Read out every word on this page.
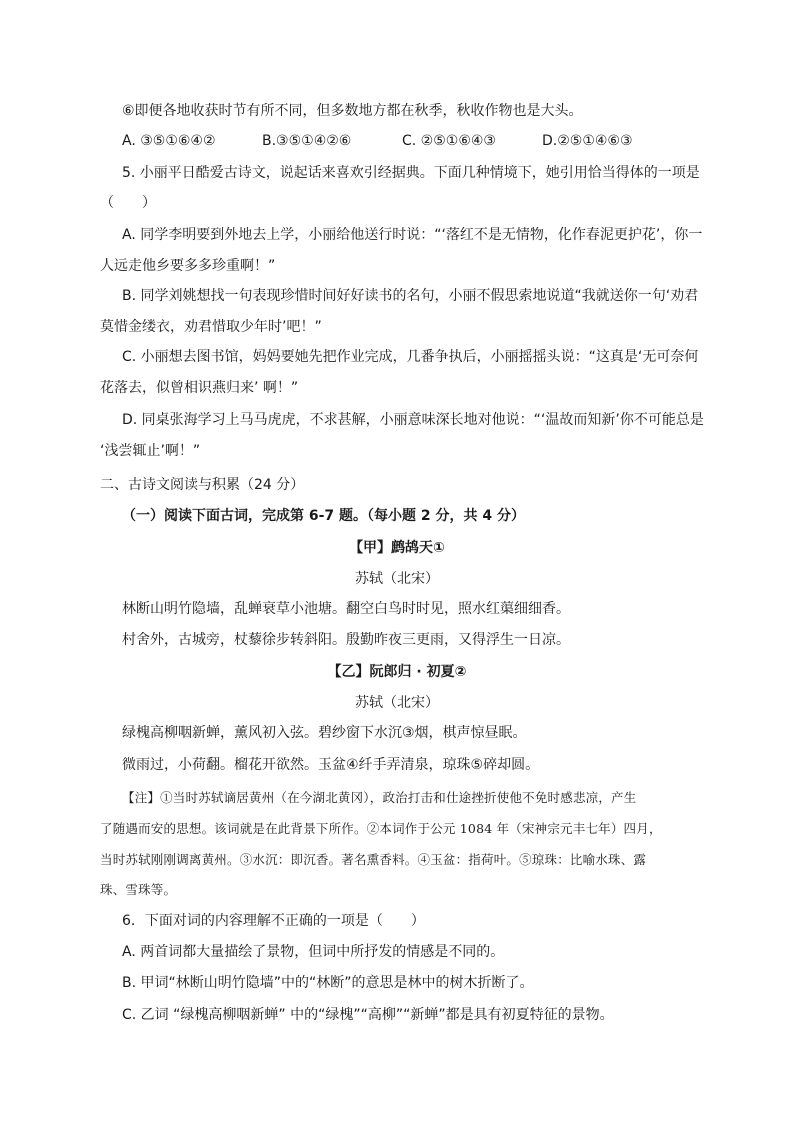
⑥即便各地收获时节有所不同，但多数地方都在秋季，秋收作物也是大头。
A. ③⑤①⑥④②	B.③⑤①④②⑥	C. ②⑤①⑥④③	D.②⑤①④⑥③
5. 小丽平日酷爱古诗文，说起话来喜欢引经据典。下面几种情境下，她引用恰当得体的一项是
（　　）
A. 同学李明要到外地去上学，小丽给他送行时说：“‘落红不是无情物，化作春泥更护花’，你一
人远走他乡要多多珍重啊！”
B. 同学刘姚想找一句表现珍惜时间好好读书的名句，小丽不假思索地说道“我就送你一句‘劝君
莫惜金缕衣，劝君惜取少年时’吧！”
C. 小丽想去图书馆，妈妈要她先把作业完成，几番争执后，小丽摇摇头说：“这真是‘无可奈何
花落去，似曾相识燕归来’ 啊！”
D. 同桌张海学习上马马虎虎，不求甚解，小丽意味深长地对他说：“‘温故而知新’你不可能总是
‘浅尝辄止’啊！”
二、古诗文阅读与积累（24 分）
（一）阅读下面古词，完成第 6-7 题。（每小题 2 分，共 4 分）
【甲】鹧鸪天①
苏轼（北宋）
林断山明竹隐墙，乱蝉衰草小池塘。翻空白鸟时时见，照水红蕖细细香。
村舍外，古城旁，杖藜徐步转斜阳。殷勤昨夜三更雨，又得浮生一日凉。
【乙】阮郎归 · 初夏②
苏轼（北宋）
绿槐高柳咽新蝉，薰风初入弦。碧纱窗下水沉③烟，棋声惊昼眠。
微雨过，小荷翻。榴花开欲然。玉盆④纤手弄清泉，琼珠⑤碎却圆。
【注】①当时苏轼谪居黄州（在今湖北黄冈），政治打击和仕途挫折使他不免时感悲凉，产生
了随遇而安的思想。该词就是在此背景下所作。②本词作于公元 1084 年（宋神宗元丰七年）四月，
当时苏轼刚刚调离黄州。③水沉：即沉香。著名熏香料。④玉盆：指荷叶。⑤琼珠：比喻水珠、露
珠、雪珠等。
6．下面对词的内容理解不正确的一项是（　　）
A. 两首词都大量描绘了景物，但词中所抒发的情感是不同的。
B. 甲词“林断山明竹隐墙”中的“林断”的意思是林中的树木折断了。
C. 乙词 “绿槐高柳咽新蝉” 中的“绿槐”“高柳”“新蝉”都是具有初夏特征的景物。
